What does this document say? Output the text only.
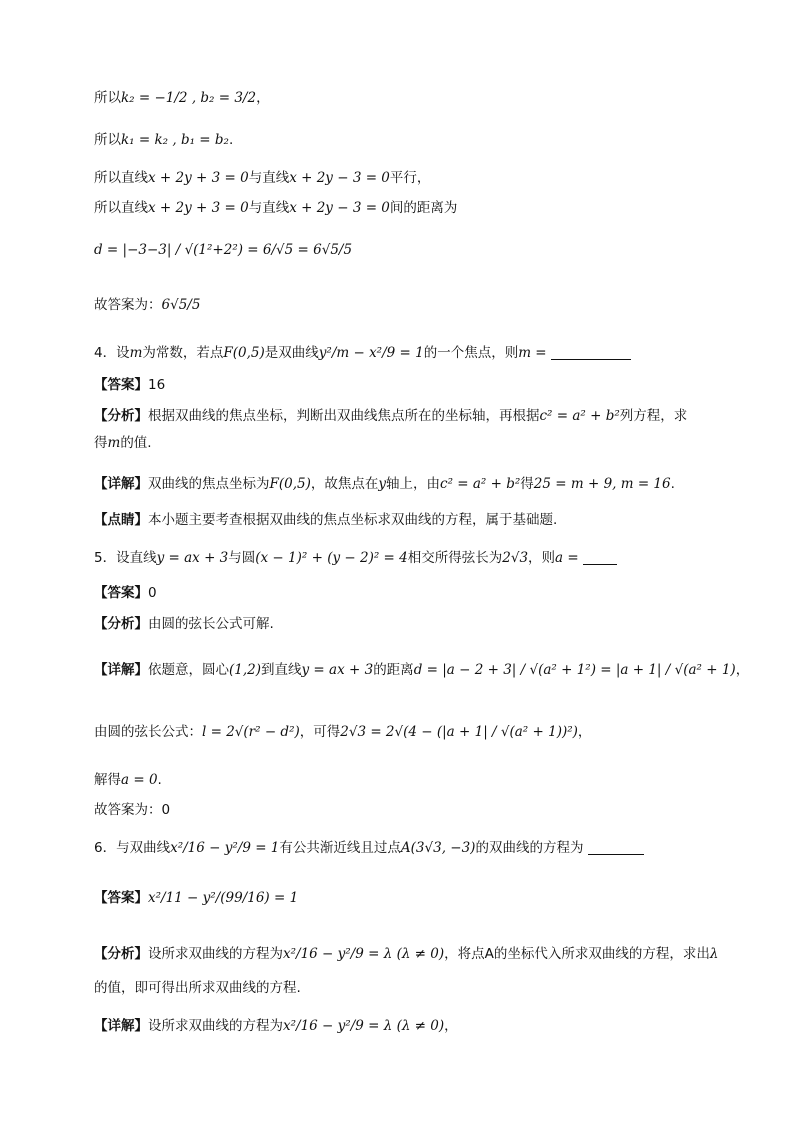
所以k₂ = −1/2 , b₂ = 3/2，
所以k₁ = k₂ , b₁ = b₂.
所以直线x + 2y + 3 = 0与直线x + 2y − 3 = 0平行，
所以直线x + 2y + 3 = 0与直线x + 2y − 3 = 0间的距离为
d = |−3−3| / √(1²+2²) = 6/√5 = 6√5/5
故答案为：6√5/5
4．设m为常数，若点F(0,5)是双曲线y²/m − x²/9 = 1的一个焦点，则m =
【答案】16
【分析】根据双曲线的焦点坐标，判断出双曲线焦点所在的坐标轴，再根据c² = a² + b²列方程，求
得m的值.
【详解】双曲线的焦点坐标为F(0,5)，故焦点在y轴上，由c² = a² + b²得25 = m + 9, m = 16.
【点睛】本小题主要考查根据双曲线的焦点坐标求双曲线的方程，属于基础题.
5．设直线y = ax + 3与圆(x − 1)² + (y − 2)² = 4相交所得弦长为2√3，则a =
【答案】0
【分析】由圆的弦长公式可解.
【详解】依题意，圆心(1,2)到直线y = ax + 3的距离d = |a − 2 + 3| / √(a² + 1²) = |a + 1| / √(a² + 1)，
由圆的弦长公式：l = 2√(r² − d²)，可得2√3 = 2√(4 − (|a + 1| / √(a² + 1))²)，
解得a = 0.
故答案为：0
6．与双曲线x²/16 − y²/9 = 1有公共渐近线且过点A(3√3, −3)的双曲线的方程为
【答案】x²/11 − y²/(99/16) = 1
【分析】设所求双曲线的方程为x²/16 − y²/9 = λ (λ ≠ 0)，将点A的坐标代入所求双曲线的方程，求出λ
的值，即可得出所求双曲线的方程.
【详解】设所求双曲线的方程为x²/16 − y²/9 = λ (λ ≠ 0)，
